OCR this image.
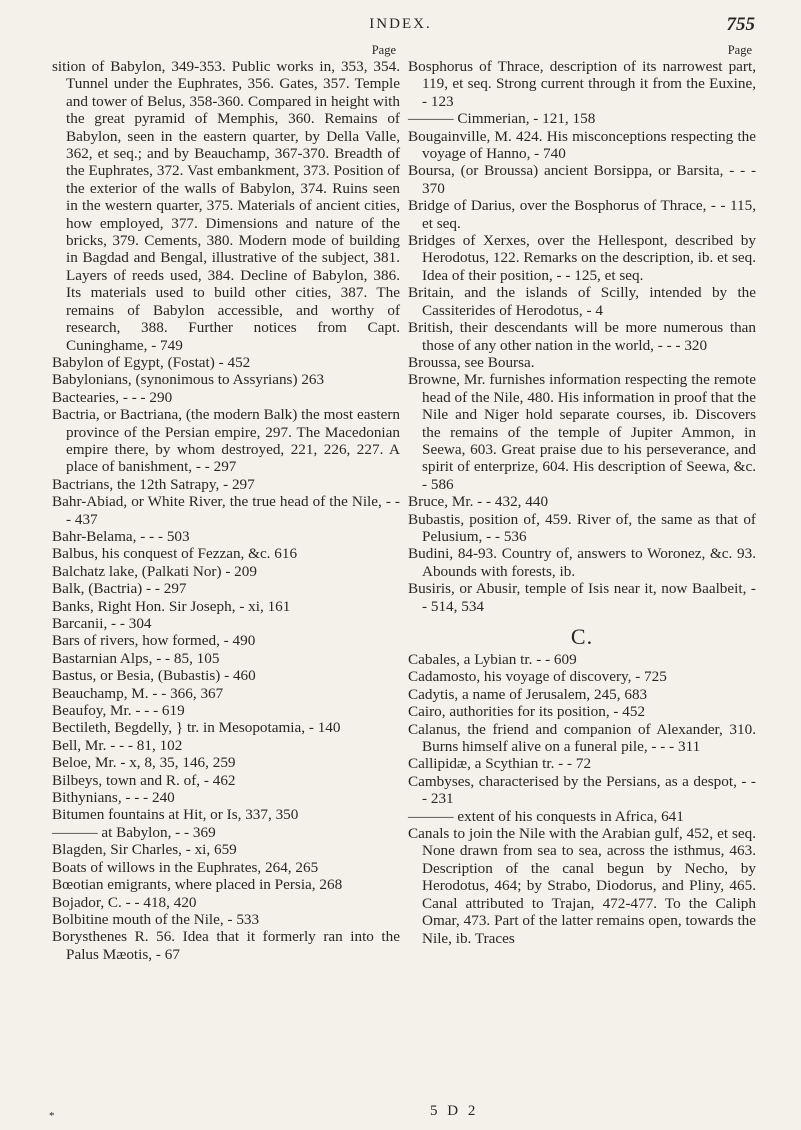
INDEX.	755
Page

sition of Babylon, 349-353. Public works in, 353, 354. Tunnel under the Euphrates, 356. Gates, 357. Temple and tower of Belus, 358-360. Compared in height with the great pyramid of Memphis, 360. Remains of Babylon, seen in the eastern quarter, by Della Valle, 362, et seq.; and by Beauchamp, 367-370. Breadth of the Euphrates, 372. Vast embankment, 373. Position of the exterior of the walls of Babylon, 374. Ruins seen in the western quarter, 375. Materials of ancient cities, how employed, 377. Dimensions and nature of the bricks, 379. Cements, 380. Modern mode of building in Bagdad and Bengal, illustrative of the subject, 381. Layers of reeds used, 384. Decline of Babylon, 386. Its materials used to build other cities, 387. The remains of Babylon accessible, and worthy of research, 388. Further notices from Capt. Cuninghame, - 749

Babylon of Egypt, (Fostat) - 452

Babylonians, (synonimous to Assyrians) 263

Bactearies, - - - 290

Bactria, or Bactriana, (the modern Balk) the most eastern province of the Persian empire, 297. The Macedonian empire there, by whom destroyed, 221, 226, 227. A place of banishment, - - 297

Bactrians, the 12th Satrapy, - 297

Bahr-Abiad, or White River, the true head of the Nile, - - - 437

Bahr-Belama, - - - 503

Balbus, his conquest of Fezzan, &c. 616

Balchatz lake, (Palkati Nor) - 209

Balk, (Bactria) - - 297

Banks, Right Hon. Sir Joseph, - xi, 161

Barcanii, - - 304

Bars of rivers, how formed, - 490

Bastarnian Alps, - - 85, 105

Bastus, or Besia, (Bubastis) - 460

Beauchamp, M. - - 366, 367

Beaufoy, Mr. - - - 619

Bectileth, Begdelly, } tr. in Mesopotamia, - 140

Bell, Mr. - - - 81, 102

Beloe, Mr. - x, 8, 35, 146, 259

Bilbeys, town and R. of, - 462

Bithynians, - - - 240

Bitumen fountains at Hit, or Is, 337, 350

——— at Babylon, - - 369

Blagden, Sir Charles, - xi, 659

Boats of willows in the Euphrates, 264, 265

Bœotian emigrants, where placed in Persia, 268

Bojador, C. - - 418, 420

Bolbitine mouth of the Nile, - 533

Borysthenes R. 56. Idea that it formerly ran into the Palus Mæotis, - 67

Page

Bosphorus of Thrace, description of its narrowest part, 119, et seq. Strong current through it from the Euxine, - 123

——— Cimmerian, - 121, 158

Bougainville, M. 424. His misconceptions respecting the voyage of Hanno, - 740

Boursa, (or Broussa) ancient Borsippa, or Barsita, - - - 370

Bridge of Darius, over the Bosphorus of Thrace, - - 115, et seq.

Bridges of Xerxes, over the Hellespont, described by Herodotus, 122. Remarks on the description, ib. et seq. Idea of their position, - - 125, et seq.

Britain, and the islands of Scilly, intended by the Cassiterides of Herodotus, - 4

British, their descendants will be more numerous than those of any other nation in the world, - - - 320

Broussa, see Boursa.

Browne, Mr. furnishes information respecting the remote head of the Nile, 480. His information in proof that the Nile and Niger hold separate courses, ib. Discovers the remains of the temple of Jupiter Ammon, in Seewa, 603. Great praise due to his perseverance, and spirit of enterprize, 604. His description of Seewa, &c. - 586

Bruce, Mr. - - 432, 440

Bubastis, position of, 459. River of, the same as that of Pelusium, - - 536

Budini, 84-93. Country of, answers to Woronez, &c. 93. Abounds with forests, ib.

Busiris, or Abusir, temple of Isis near it, now Baalbeit, - - 514, 534

C.

Cabales, a Lybian tr. - - 609

Cadamosto, his voyage of discovery, - 725

Cadytis, a name of Jerusalem, 245, 683

Cairo, authorities for its position, - 452

Calanus, the friend and companion of Alexander, 310. Burns himself alive on a funeral pile, - - - 311

Callipidæ, a Scythian tr. - - 72

Cambyses, characterised by the Persians, as a despot, - - - 231

——— extent of his conquests in Africa, 641

Canals to join the Nile with the Arabian gulf, 452, et seq. None drawn from sea to sea, across the isthmus, 463. Description of the canal begun by Necho, by Herodotus, 464; by Strabo, Diodorus, and Pliny, 465. Canal attributed to Trajan, 472-477. To the Caliph Omar, 473. Part of the latter remains open, towards the Nile, ib. Traces

5 D 2
*
